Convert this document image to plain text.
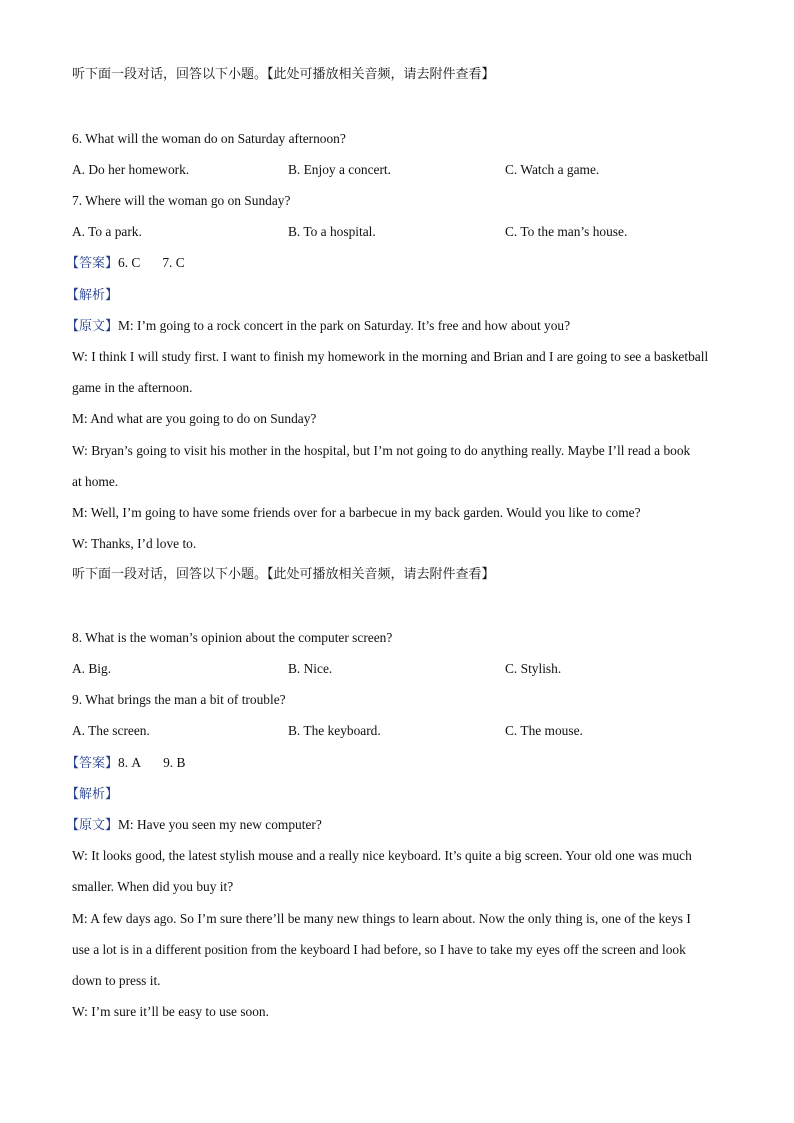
听下面一段对话，回答以下小题。【此处可播放相关音频，请去附件查看】
6. What will the woman do on Saturday afternoon?
A. Do her homework.	B. Enjoy a concert.	C. Watch a game.
7. Where will the woman go on Sunday?
A. To a park.	B. To a hospital.	C. To the man’s house.
【答案】6. C 7. C
【解析】
【原文】M: I’m going to a rock concert in the park on Saturday. It’s free and how about you?
W: I think I will study first. I want to finish my homework in the morning and Brian and I are going to see a basketball
game in the afternoon.
M: And what are you going to do on Sunday?
W: Bryan’s going to visit his mother in the hospital, but I’m not going to do anything really. Maybe I’ll read a book
at home.
M: Well, I’m going to have some friends over for a barbecue in my back garden. Would you like to come?
W: Thanks, I’d love to.
听下面一段对话，回答以下小题。【此处可播放相关音频，请去附件查看】
8. What is the woman’s opinion about the computer screen?
A. Big.	B. Nice.	C. Stylish.
9. What brings the man a bit of trouble?
A. The screen.	B. The keyboard.	C. The mouse.
【答案】8. A 9. B
【解析】
【原文】M: Have you seen my new computer?
W: It looks good, the latest stylish mouse and a really nice keyboard. It’s quite a big screen. Your old one was much
smaller. When did you buy it?
M: A few days ago. So I’m sure there’ll be many new things to learn about. Now the only thing is, one of the keys I
use a lot is in a different position from the keyboard I had before, so I have to take my eyes off the screen and look
down to press it.
W: I’m sure it’ll be easy to use soon.
